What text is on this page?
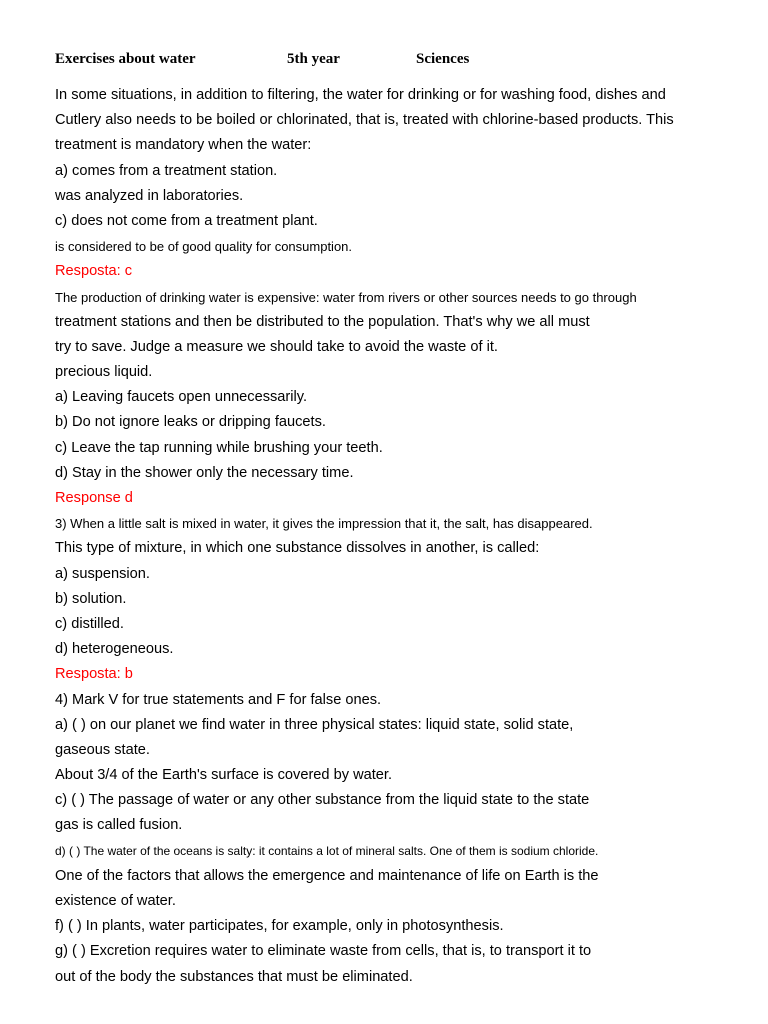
Exercises about water	5th year	Sciences
In some situations, in addition to filtering, the water for drinking or for washing food, dishes and
Cutlery also needs to be boiled or chlorinated, that is, treated with chlorine-based products. This
treatment is mandatory when the water:
a) comes from a treatment station.
was analyzed in laboratories.
c) does not come from a treatment plant.
is considered to be of good quality for consumption.
Resposta: c
The production of drinking water is expensive: water from rivers or other sources needs to go through
treatment stations and then be distributed to the population. That's why we all must
try to save. Judge a measure we should take to avoid the waste of it.
precious liquid.
a) Leaving faucets open unnecessarily.
b) Do not ignore leaks or dripping faucets.
c) Leave the tap running while brushing your teeth.
d) Stay in the shower only the necessary time.
Response d
3) When a little salt is mixed in water, it gives the impression that it, the salt, has disappeared.
This type of mixture, in which one substance dissolves in another, is called:
a) suspension.
b) solution.
c) distilled.
d) heterogeneous.
Resposta: b
4) Mark V for true statements and F for false ones.
a) ( ) on our planet we find water in three physical states: liquid state, solid state,
gaseous state.
About 3/4 of the Earth's surface is covered by water.
c) ( ) The passage of water or any other substance from the liquid state to the state
gas is called fusion.
d) ( ) The water of the oceans is salty: it contains a lot of mineral salts. One of them is sodium chloride.
One of the factors that allows the emergence and maintenance of life on Earth is the
existence of water.
f) ( ) In plants, water participates, for example, only in photosynthesis.
g) ( ) Excretion requires water to eliminate waste from cells, that is, to transport it to
out of the body the substances that must be eliminated.
